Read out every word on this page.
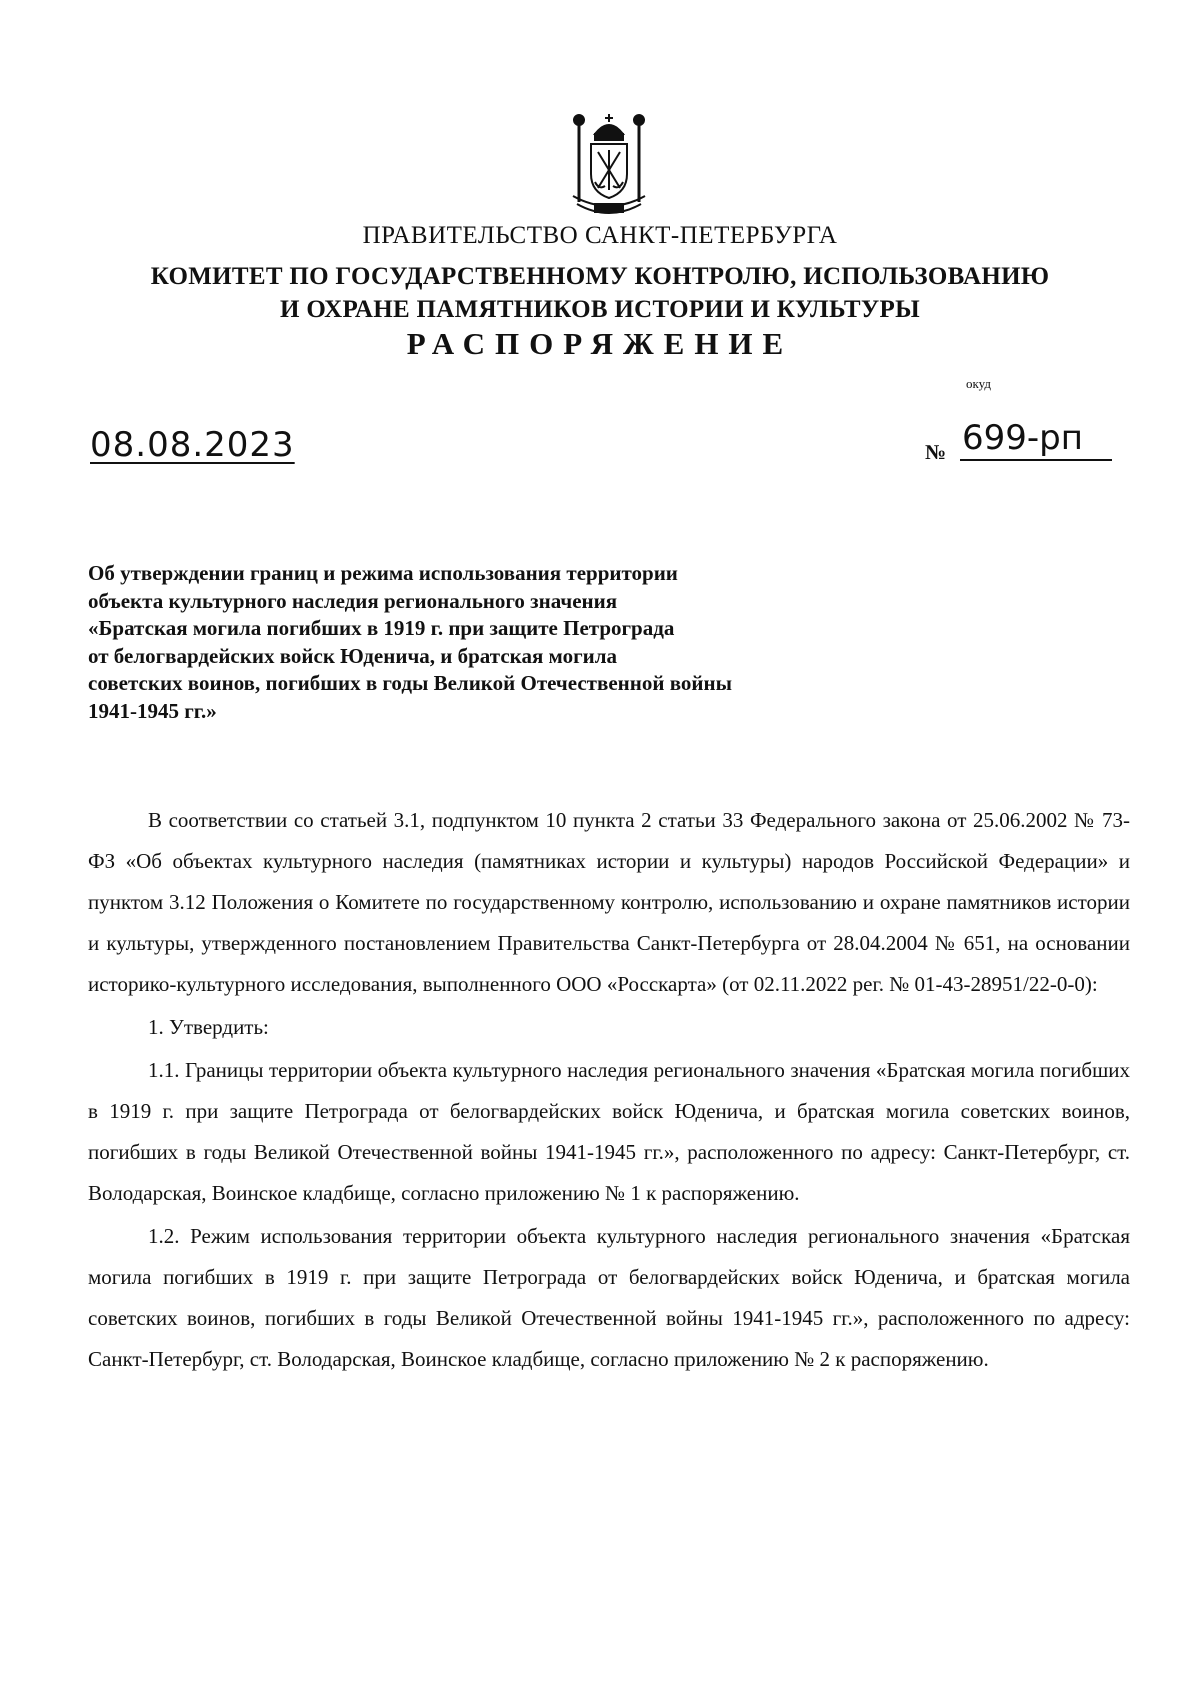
ПРАВИТЕЛЬСТВО САНКТ-ПЕТЕРБУРГА
КОМИТЕТ ПО ГОСУДАРСТВЕННОМУ КОНТРОЛЮ, ИСПОЛЬЗОВАНИЮ
И ОХРАНЕ ПАМЯТНИКОВ ИСТОРИИ И КУЛЬТУРЫ
РАСПОРЯЖЕНИЕ
окуд
08.08.2023	№ 699-рп
Об утверждении границ и режима использования территории
объекта культурного наследия регионального значения
«Братская могила погибших в 1919 г. при защите Петрограда
от белогвардейских войск Юденича, и братская могила
советских воинов, погибших в годы Великой Отечественной войны
1941-1945 гг.»

В соответствии со статьей 3.1, подпунктом 10 пункта 2 статьи 33 Федерального закона от 25.06.2002 № 73-ФЗ «Об объектах культурного наследия (памятниках истории и культуры) народов Российской Федерации» и пунктом 3.12 Положения о Комитете по государственному контролю, использованию и охране памятников истории и культуры, утвержденного постановлением Правительства Санкт-Петербурга от 28.04.2004 № 651, на основании историко-культурного исследования, выполненного ООО «Росскарта» (от 02.11.2022 рег. № 01-43-28951/22-0-0):

1. Утвердить:

1.1. Границы территории объекта культурного наследия регионального значения «Братская могила погибших в 1919 г. при защите Петрограда от белогвардейских войск Юденича, и братская могила советских воинов, погибших в годы Великой Отечественной войны 1941-1945 гг.», расположенного по адресу: Санкт-Петербург, ст. Володарская, Воинское кладбище, согласно приложению № 1 к распоряжению.

1.2. Режим использования территории объекта культурного наследия регионального значения «Братская могила погибших в 1919 г. при защите Петрограда от белогвардейских войск Юденича, и братская могила советских воинов, погибших в годы Великой Отечественной войны 1941-1945 гг.», расположенного по адресу: Санкт-Петербург, ст. Володарская, Воинское кладбище, согласно приложению № 2 к распоряжению.
